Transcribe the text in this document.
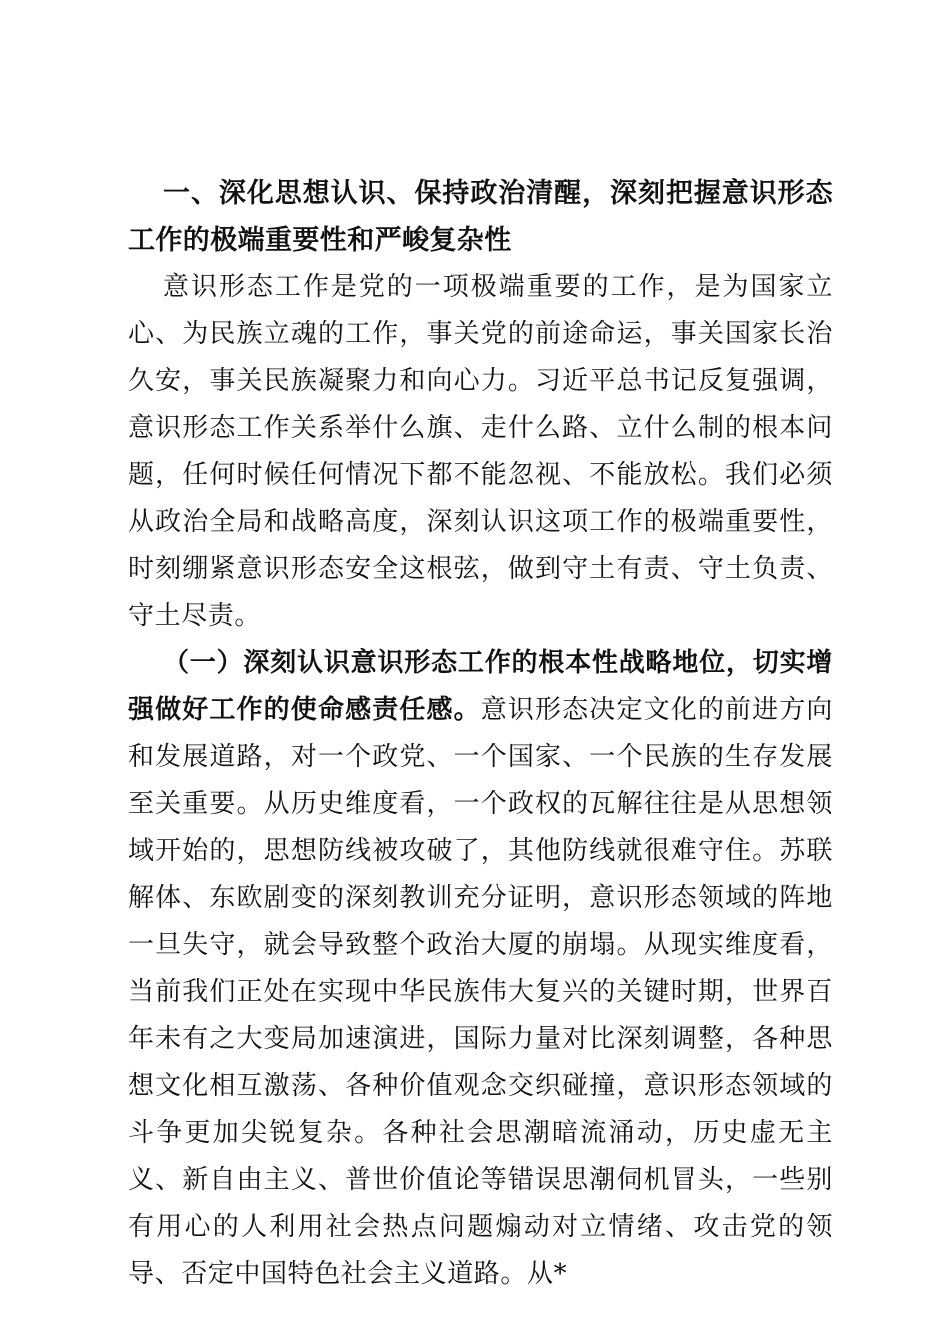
一、深化思想认识、保持政治清醒，深刻把握意识形态工作的极端重要性和严峻复杂性

意识形态工作是党的一项极端重要的工作，是为国家立心、为民族立魂的工作，事关党的前途命运，事关国家长治久安，事关民族凝聚力和向心力。习近平总书记反复强调，意识形态工作关系举什么旗、走什么路、立什么制的根本问题，任何时候任何情况下都不能忽视、不能放松。我们必须从政治全局和战略高度，深刻认识这项工作的极端重要性，时刻绷紧意识形态安全这根弦，做到守土有责、守土负责、守土尽责。

（一）深刻认识意识形态工作的根本性战略地位，切实增强做好工作的使命感责任感。意识形态决定文化的前进方向和发展道路，对一个政党、一个国家、一个民族的生存发展至关重要。从历史维度看，一个政权的瓦解往往是从思想领域开始的，思想防线被攻破了，其他防线就很难守住。苏联解体、东欧剧变的深刻教训充分证明，意识形态领域的阵地一旦失守，就会导致整个政治大厦的崩塌。从现实维度看，当前我们正处在实现中华民族伟大复兴的关键时期，世界百年未有之大变局加速演进，国际力量对比深刻调整，各种思想文化相互激荡、各种价值观念交织碰撞，意识形态领域的斗争更加尖锐复杂。各种社会思潮暗流涌动，历史虚无主义、新自由主义、普世价值论等错误思潮伺机冒头，一些别有用心的人利用社会热点问题煽动对立情绪、攻击党的领导、否定中国特色社会主义道路。从*
